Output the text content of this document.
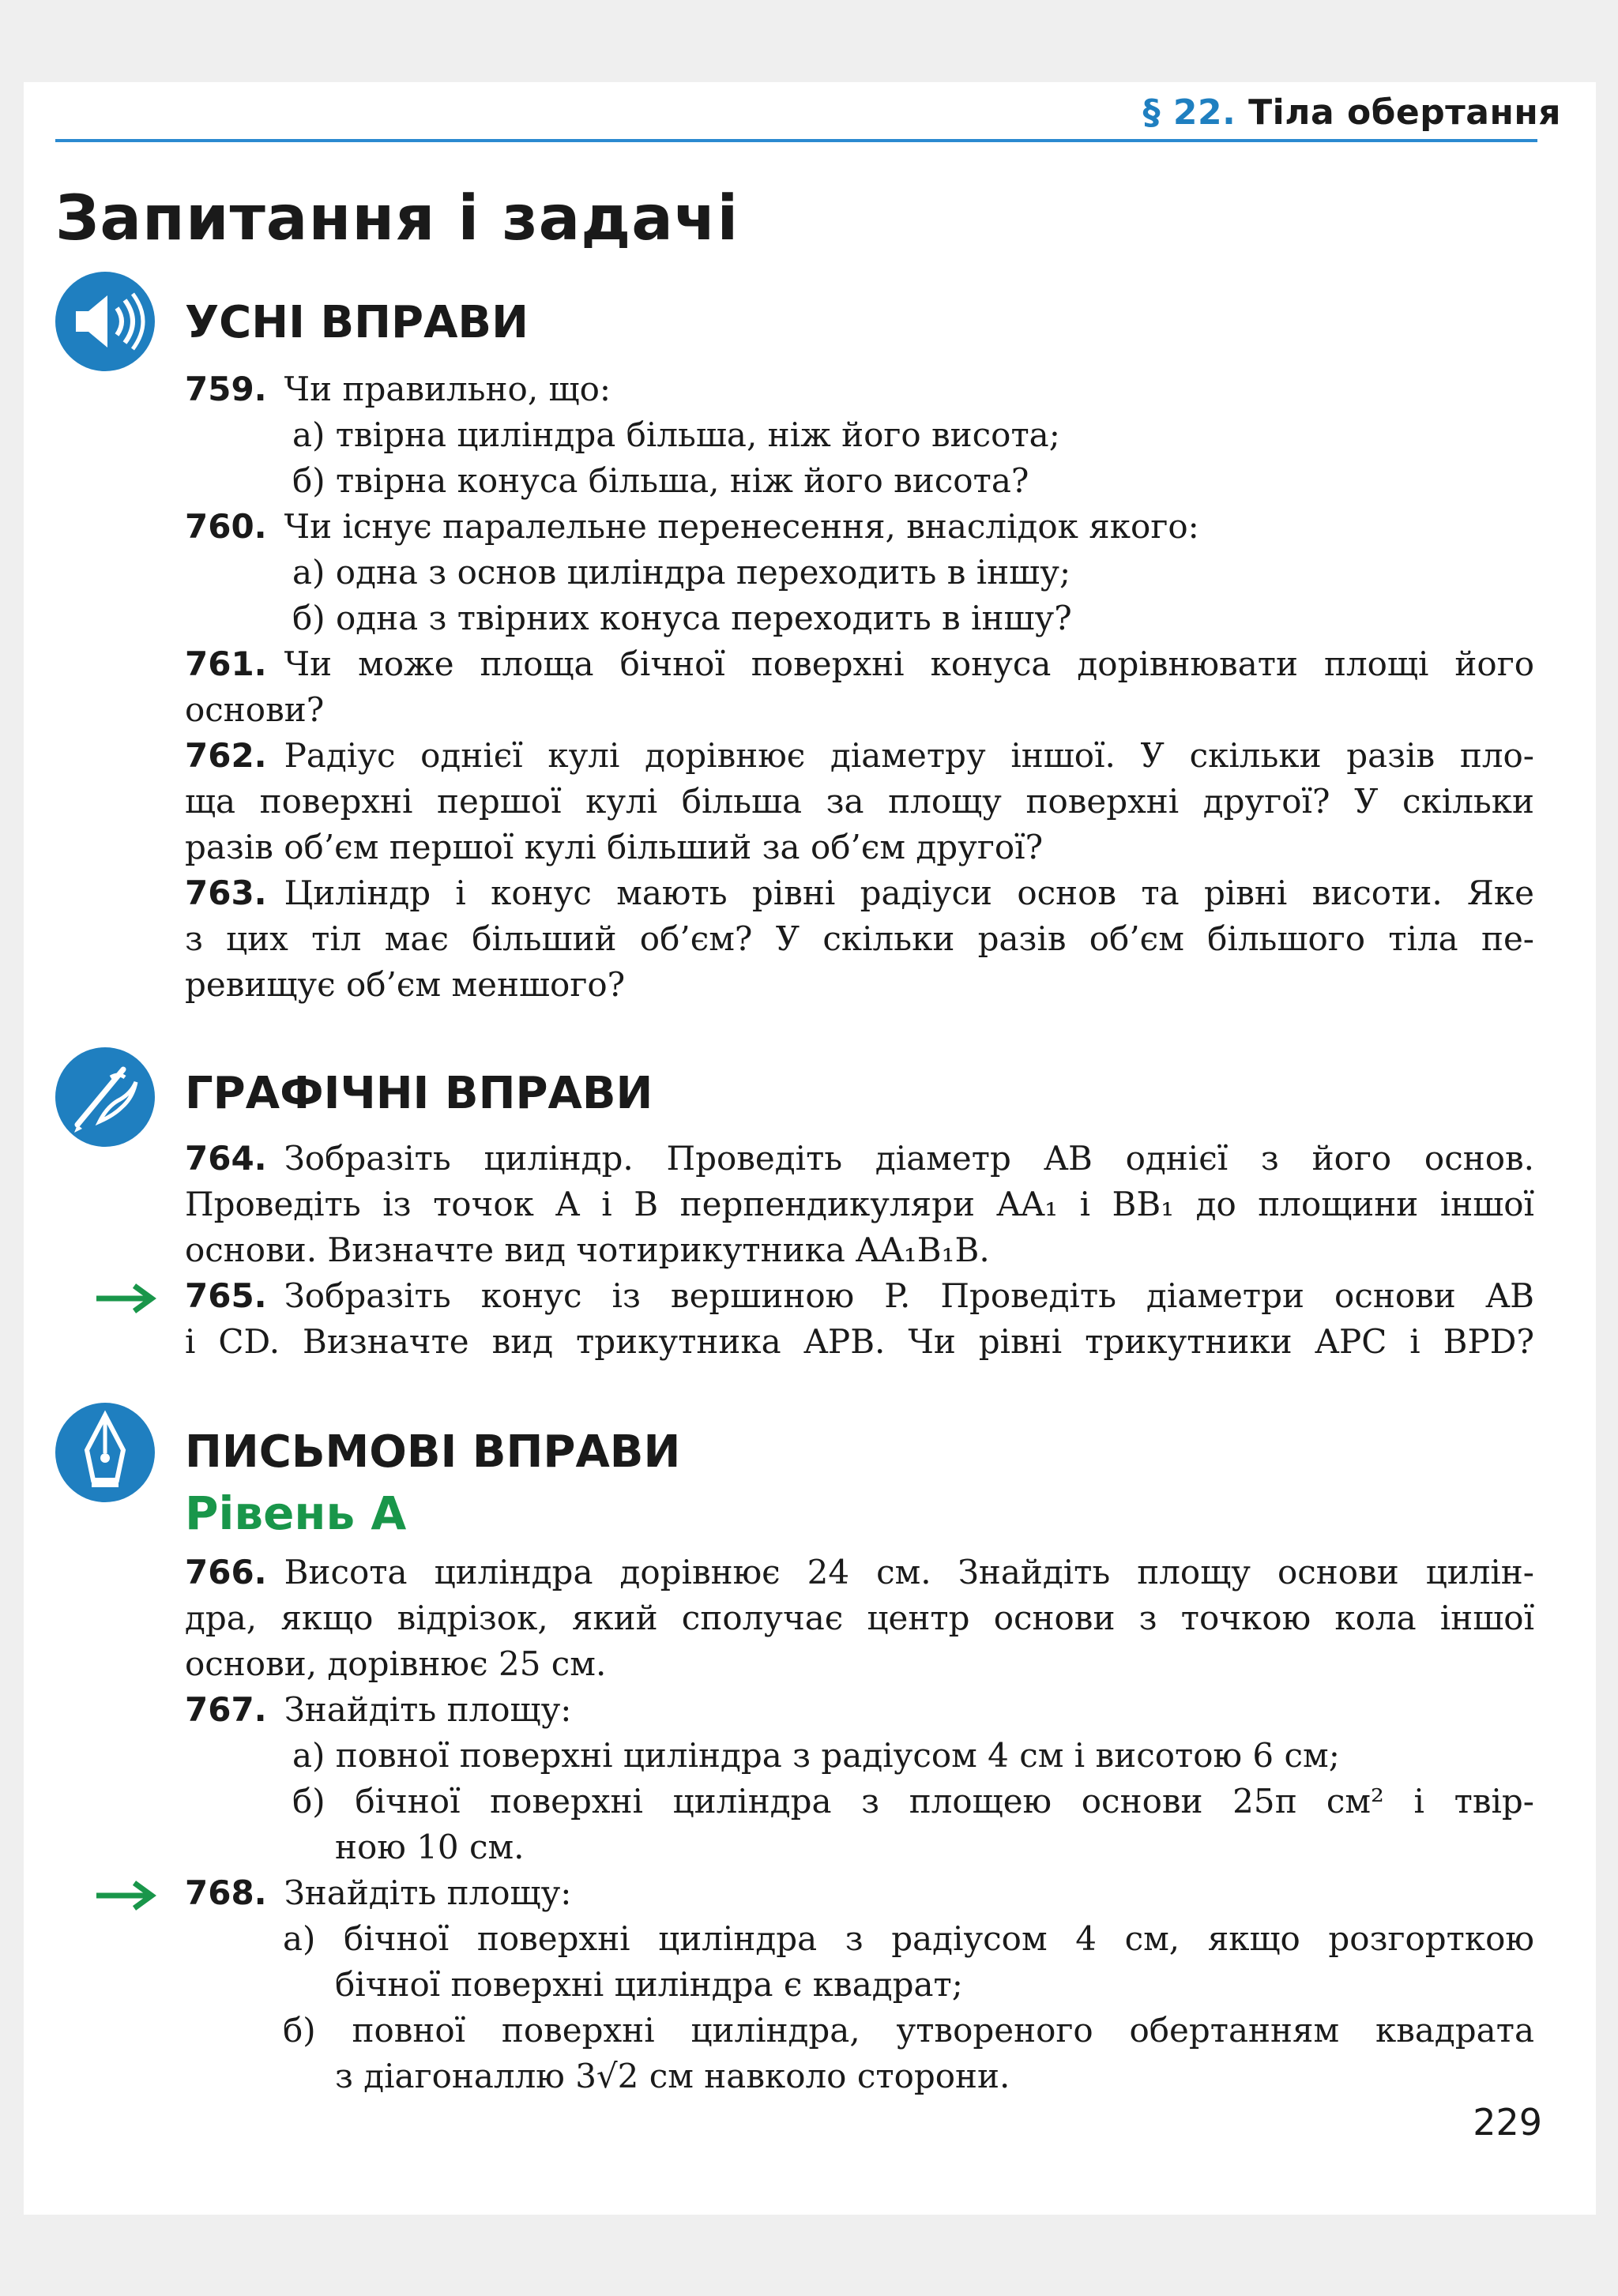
§ 22. Тіла обертання
Запитання і задачі
УСНІ ВПРАВИ
759. Чи правильно, що:
а) твірна циліндра більша, ніж його висота;
б) твірна конуса більша, ніж його висота?
760. Чи існує паралельне перенесення, внаслідок якого:
а) одна з основ циліндра переходить в іншу;
б) одна з твірних конуса переходить в іншу?
761. Чи може площа бічної поверхні конуса дорівнювати площі його
основи?
762. Радіус однієї кулі дорівнює діаметру іншої. У скільки разів пло-
ща поверхні першої кулі більша за площу поверхні другої? У скільки
разів об’єм першої кулі більший за об’єм другої?
763. Циліндр і конус мають рівні радіуси основ та рівні висоти. Яке
з цих тіл має більший об’єм? У скільки разів об’єм більшого тіла пе-
ревищує об’єм меншого?
ГРАФІЧНІ ВПРАВИ
764. Зобразіть циліндр. Проведіть діаметр AB однієї з його основ.
Проведіть із точок A і B перпендикуляри AA₁ і BB₁ до площини іншої
основи. Визначте вид чотирикутника AA₁B₁B.
765. Зобразіть конус із вершиною P. Проведіть діаметри основи AB
і CD. Визначте вид трикутника APB. Чи рівні трикутники APC і BPD?
ПИСЬМОВІ ВПРАВИ
Рівень А
766. Висота циліндра дорівнює 24 см. Знайдіть площу основи цилін-
дра, якщо відрізок, який сполучає центр основи з точкою кола іншої
основи, дорівнює 25 см.
767. Знайдіть площу:
а) повної поверхні циліндра з радіусом 4 см і висотою 6 см;
б) бічної поверхні циліндра з площею основи 25π см² і твір-
ною 10 см.
768. Знайдіть площу:
а) бічної поверхні циліндра з радіусом 4 см, якщо розгорткою
бічної поверхні циліндра є квадрат;
б) повної поверхні циліндра, утвореного обертанням квадрата
з діагоналлю 3√2 см навколо сторони.
229
